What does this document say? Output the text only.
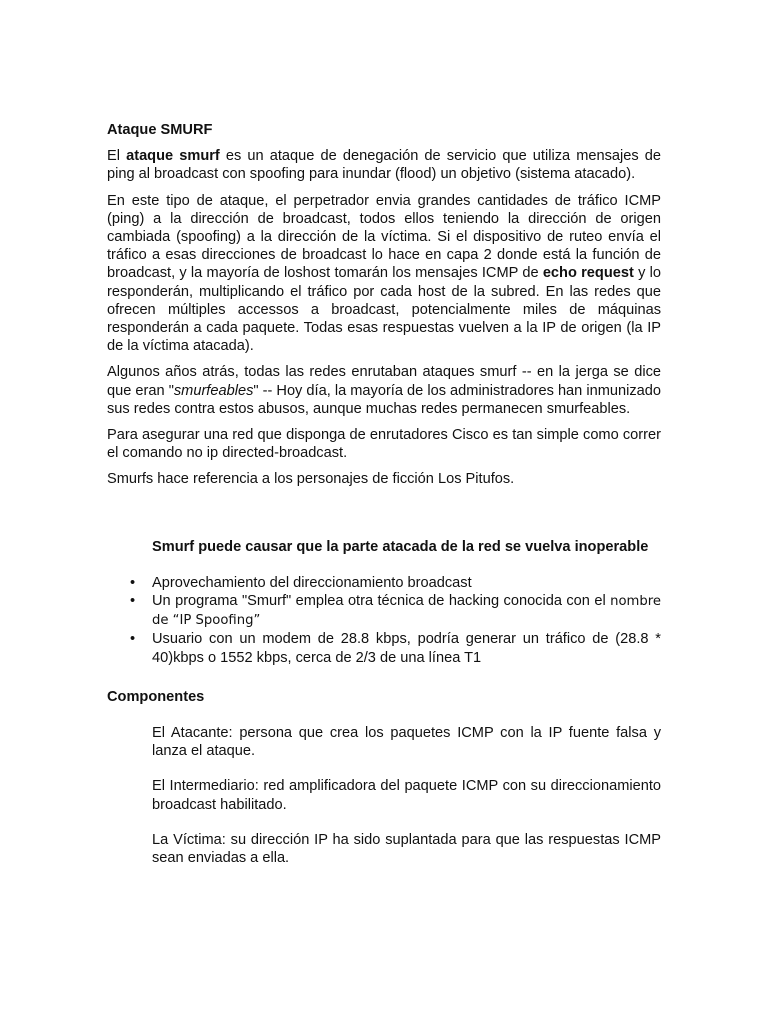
Ataque SMURF

El ataque smurf es un ataque de denegación de servicio que utiliza mensajes de ping al broadcast con spoofing para inundar (flood) un objetivo (sistema atacado).

En este tipo de ataque, el perpetrador envia grandes cantidades de tráfico ICMP (ping) a la dirección de broadcast, todos ellos teniendo la dirección de origen cambiada (spoofing) a la dirección de la víctima. Si el dispositivo de ruteo envía el tráfico a esas direcciones de broadcast lo hace en capa 2 donde está la función de broadcast, y la mayoría de loshost tomarán los mensajes ICMP de echo request y lo responderán, multiplicando el tráfico por cada host de la subred. En las redes que ofrecen múltiples accessos a broadcast, potencialmente miles de máquinas responderán a cada paquete. Todas esas respuestas vuelven a la IP de origen (la IP de la víctima atacada).

Algunos años atrás, todas las redes enrutaban ataques smurf -- en la jerga se dice que eran "smurfeables" -- Hoy día, la mayoría de los administradores han inmunizado sus redes contra estos abusos, aunque muchas redes permanecen smurfeables.

Para asegurar una red que disponga de enrutadores Cisco es tan simple como correr el comando no ip directed-broadcast.

Smurfs hace referencia a los personajes de ficción Los Pitufos.

Smurf puede causar que la parte atacada de la red se vuelva inoperable
• Aprovechamiento del direccionamiento broadcast
• Un programa "Smurf" emplea otra técnica de hacking conocida con el nombre de “IP Spoofing”
• Usuario con un modem de 28.8 kbps, podría generar un tráfico de (28.8 * 40)kbps o 1552 kbps, cerca de 2/3 de una línea T1
Componentes

El Atacante: persona que crea los paquetes ICMP con la IP fuente falsa y lanza el ataque.

El Intermediario: red amplificadora del paquete ICMP con su direccionamiento broadcast habilitado.

La Víctima: su dirección IP ha sido suplantada para que las respuestas ICMP sean enviadas a ella.
